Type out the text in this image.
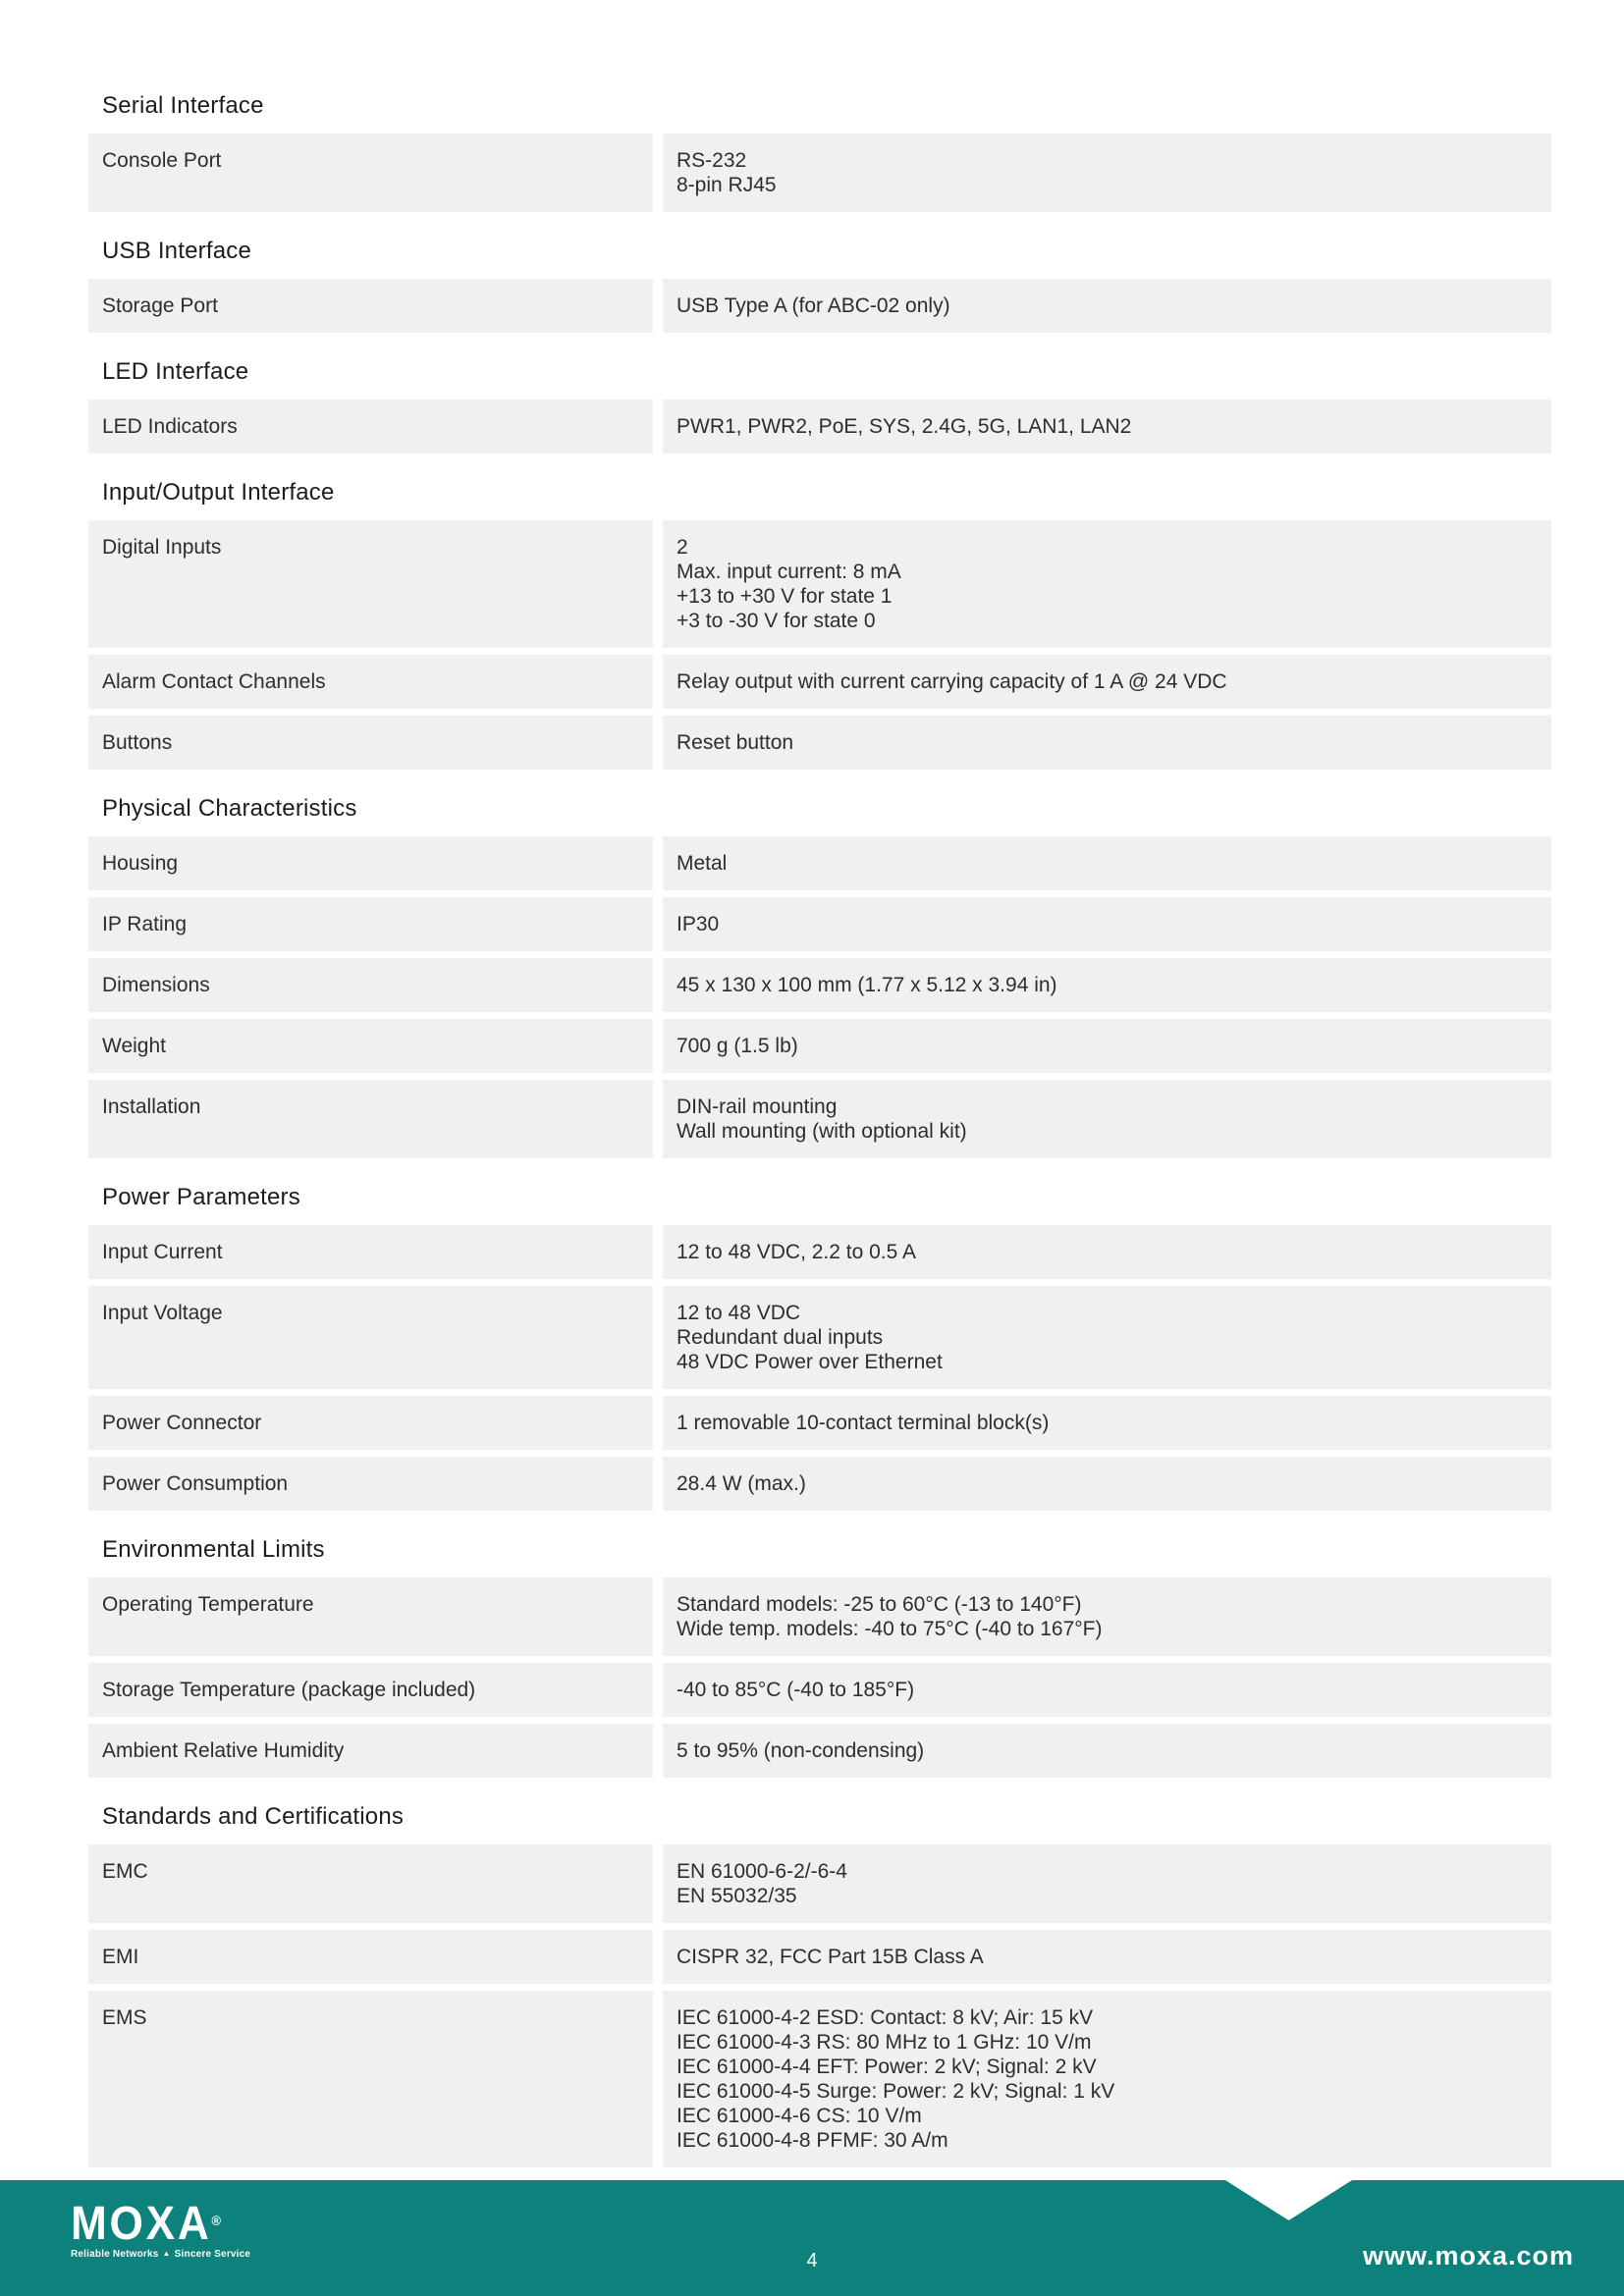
Serial Interface
Console Port	RS-232
8-pin RJ45
USB Interface
Storage Port	USB Type A (for ABC-02 only)
LED Interface
LED Indicators	PWR1, PWR2, PoE, SYS, 2.4G, 5G, LAN1, LAN2
Input/Output Interface
Digital Inputs	2
Max. input current: 8 mA
+13 to +30 V for state 1
+3 to -30 V for state 0
Alarm Contact Channels	Relay output with current carrying capacity of 1 A @ 24 VDC
Buttons	Reset button
Physical Characteristics
Housing	Metal
IP Rating	IP30
Dimensions	45 x 130 x 100 mm (1.77 x 5.12 x 3.94 in)
Weight	700 g (1.5 lb)
Installation	DIN-rail mounting
Wall mounting (with optional kit)
Power Parameters
Input Current	12 to 48 VDC, 2.2 to 0.5 A
Input Voltage	12 to 48 VDC
Redundant dual inputs
48 VDC Power over Ethernet
Power Connector	1 removable 10-contact terminal block(s)
Power Consumption	28.4 W (max.)
Environmental Limits
Operating Temperature	Standard models: -25 to 60°C (-13 to 140°F)
Wide temp. models: -40 to 75°C (-40 to 167°F)
Storage Temperature (package included)	-40 to 85°C (-40 to 185°F)
Ambient Relative Humidity	5 to 95% (non-condensing)
Standards and Certifications
EMC	EN 61000-6-2/-6-4
EN 55032/35
EMI	CISPR 32, FCC Part 15B Class A
EMS	IEC 61000-4-2 ESD: Contact: 8 kV; Air: 15 kV
IEC 61000-4-3 RS: 80 MHz to 1 GHz: 10 V/m
IEC 61000-4-4 EFT: Power: 2 kV; Signal: 2 kV
IEC 61000-4-5 Surge: Power: 2 kV; Signal: 1 kV
IEC 61000-4-6 CS: 10 V/m
IEC 61000-4-8 PFMF: 30 A/m
MOXA®
Reliable Networks ▲ Sincere Service	4	www.moxa.com
